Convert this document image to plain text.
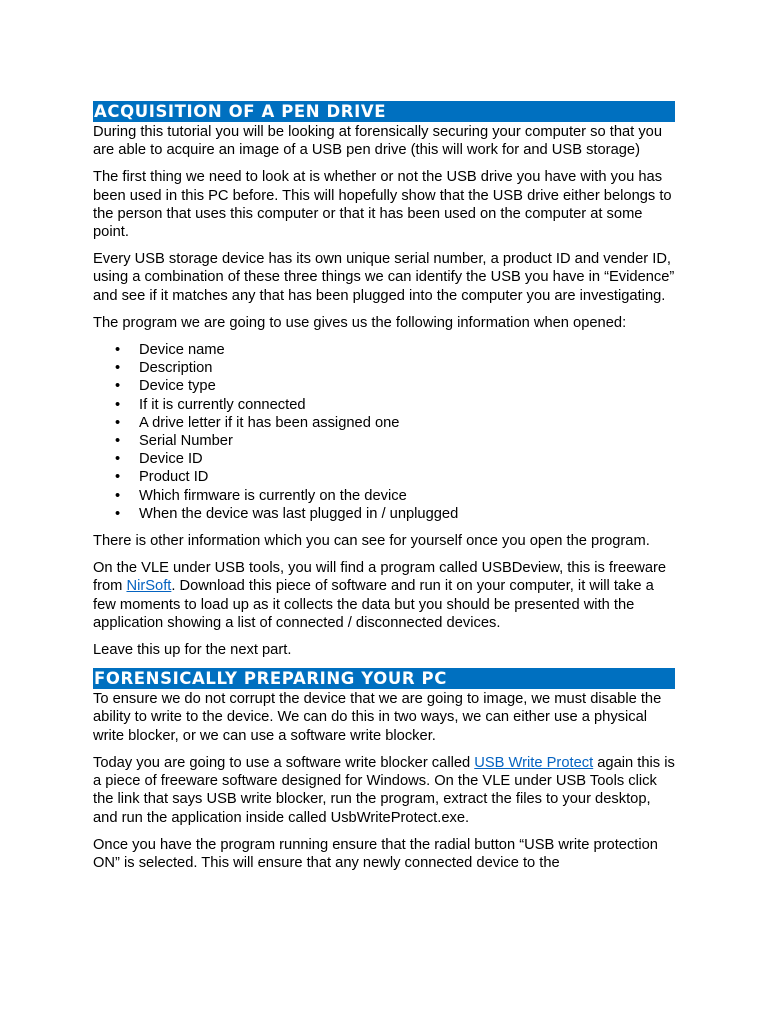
ACQUISITION OF A PEN DRIVE

During this tutorial you will be looking at forensically securing your computer so that you are able to acquire an image of a USB pen drive (this will work for and USB storage)

The first thing we need to look at is whether or not the USB drive you have with you has been used in this PC before. This will hopefully show that the USB drive either belongs to the person that uses this computer or that it has been used on the computer at some point.

Every USB storage device has its own unique serial number, a product ID and vender ID, using a combination of these three things we can identify the USB you have in “Evidence” and see if it matches any that has been plugged into the computer you are investigating.

The program we are going to use gives us the following information when opened:

• Device name
• Description
• Device type
• If it is currently connected
• A drive letter if it has been assigned one
• Serial Number
• Device ID
• Product ID
• Which firmware is currently on the device
• When the device was last plugged in / unplugged

There is other information which you can see for yourself once you open the program.

On the VLE under USB tools, you will find a program called USBDeview, this is freeware from NirSoft. Download this piece of software and run it on your computer, it will take a few moments to load up as it collects the data but you should be presented with the application showing a list of connected / disconnected devices.

Leave this up for the next part.

FORENSICALLY PREPARING YOUR PC

To ensure we do not corrupt the device that we are going to image, we must disable the ability to write to the device. We can do this in two ways, we can either use a physical write blocker, or we can use a software write blocker.

Today you are going to use a software write blocker called USB Write Protect again this is a piece of freeware software designed for Windows. On the VLE under USB Tools click the link that says USB write blocker, run the program, extract the files to your desktop, and run the application inside called UsbWriteProtect.exe.

Once you have the program running ensure that the radial button “USB write protection ON” is selected. This will ensure that any newly connected device to the
